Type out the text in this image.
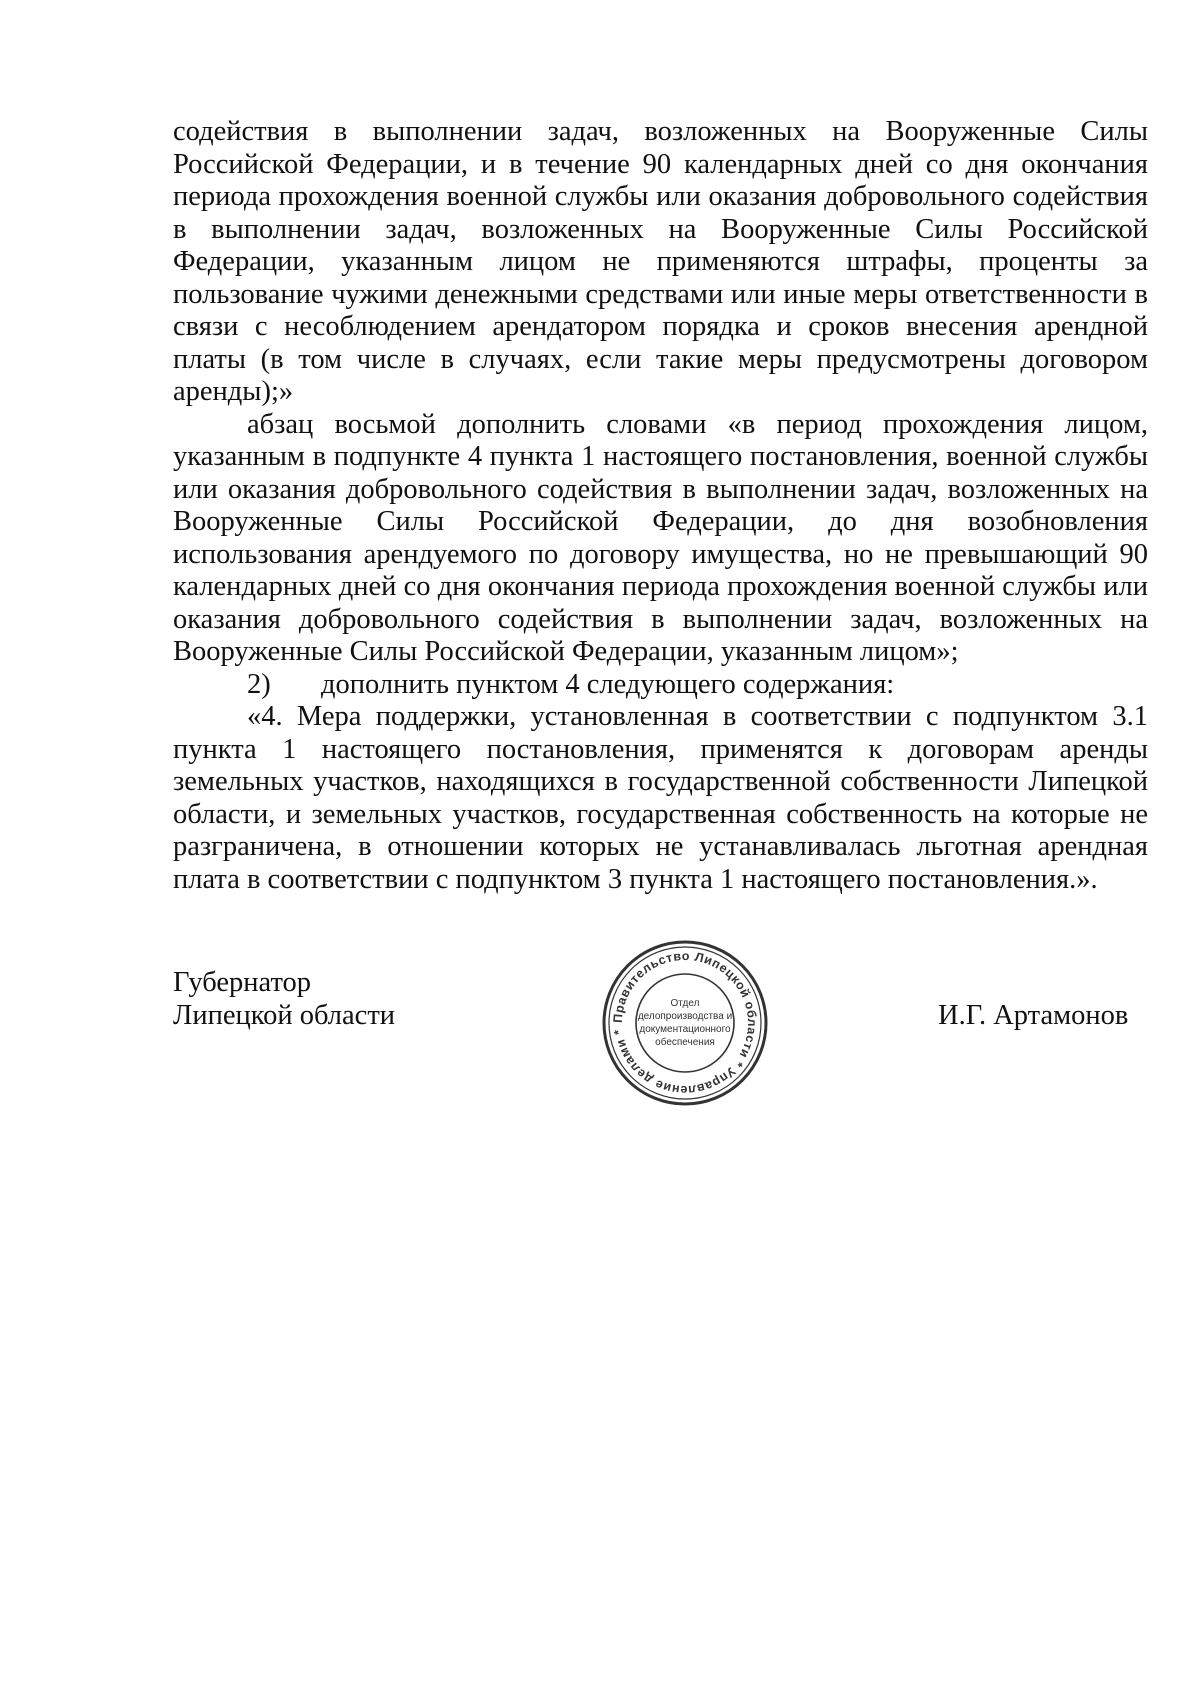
содействия в выполнении задач, возложенных на Вооруженные Силы Российской Федерации, и в течение 90 календарных дней со дня окончания периода прохождения военной службы или оказания добровольного содействия в выполнении задач, возложенных на Вооруженные Силы Российской Федерации, указанным лицом не применяются штрафы, проценты за пользование чужими денежными средствами или иные меры ответственности в связи с несоблюдением арендатором порядка и сроков внесения арендной платы (в том числе в случаях, если такие меры предусмотрены договором аренды);»

абзац восьмой дополнить словами «в период прохождения лицом, указанным в подпункте 4 пункта 1 настоящего постановления, военной службы или оказания добровольного содействия в выполнении задач, возложенных на Вооруженные Силы Российской Федерации, до дня возобновления использования арендуемого по договору имущества, но не превышающий 90 календарных дней со дня окончания периода прохождения военной службы или оказания добровольного содействия в выполнении задач, возложенных на Вооруженные Силы Российской Федерации, указанным лицом»;

2) дополнить пунктом 4 следующего содержания:

«4. Мера поддержки, установленная в соответствии с подпунктом 3.1 пункта 1 настоящего постановления, применятся к договорам аренды земельных участков, находящихся в государственной собственности Липецкой области, и земельных участков, государственная собственность на которые не разграничена, в отношении которых не устанавливалась льготная арендная плата в соответствии с подпунктом 3 пункта 1 настоящего постановления.».

Губернатор
Липецкой области	И.Г. Артамонов
Правительство Липецкой области * Управление делами *
Отдел
делопроизводства и
документационного
обеспечения
